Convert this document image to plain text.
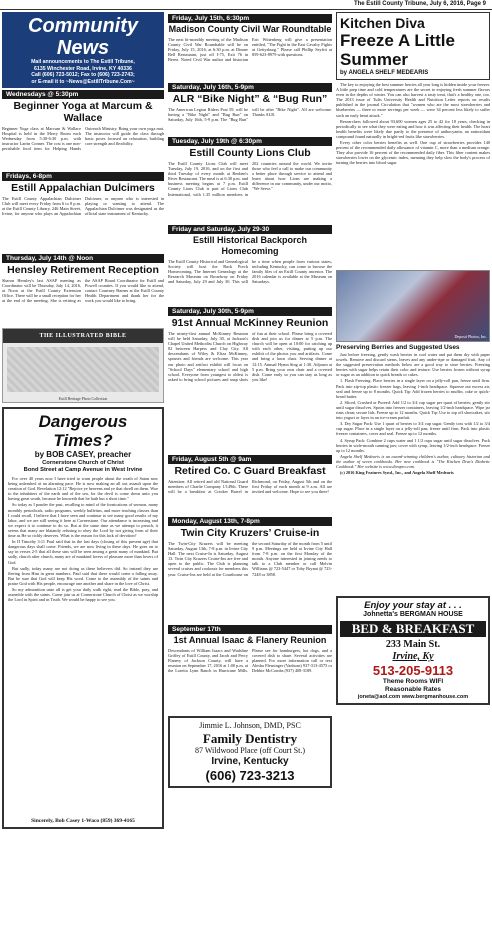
The Estill County Tribune, July 6, 2016, Page 9
Community News
Mail announcements to The Estill Tribune,
6135 Winchester Road, Irvine, KY 40336
Call (606) 723-5012; Fax to (606) 723-2743;
or E-mail it to ~News@EstillTribune.Com~
Wednesdays @ 5:30pm
Beginner Yoga at Marcum & Wallace
Beginner Yoga class at Marcum & Wallace Hospital is held in the Merry Room each Wednesday from 5:30-6:30 p.m. with instructor Larrin Conner. The cost is one non-perishable food item for Helping Hands Outreach Ministry. Bring your own yoga mat. The instructor will guide the class through basic poses focused on relaxation, building core strength and flexibility.
Fridays, 6-8pm
Estill Appalachian Dulcimers
The Estill County Appalachian Dulcimer Club will meet every Friday from 6 to 8 p.m. at the Estill County Library, 246 Main Street, Irvine, for anyone who plays an Appalachian Dulcimer, or anyone who is interested in playing or wanting to attend. The Appalachian Dulcimer was designated as the official state instrument of Kentucky.
Thursday, July 14th @ Noon
Hensley Retirement Reception
Sharon Hensley's last ASAP meeting as Coordinator will be Thursday, July 14, 2016, at Noon at the Estill County Extension Office. There will be a small reception for her at the end of the meeting. She is retiring as the ASAP Board Coordinator for Estill and Powell counties. If you would like to attend, contact Courtney Barnes at the Estill County Health Department and thank her for the work you would like to bring.
THE ILLUSTRATED BIBLE
Estill Heritage Photo Collection
Dangerous Times?
by BOB CASEY, preacher
Cornerstone Church of Christ
Bond Street at Camp Avenue in West Irvine

For over 40 years now I have tried to warn people about the wrath of Satan now being unleashed at an alarming pace. He is now making an all out assault upon the creation of God. Revelation 12:12 "Rejoice ye heavens and ye that dwell on them. Woe to the inhabiters of the earth and of the sea, for the devil is come down unto you having great wrath, because he knoweth that he hath but a short time."

So today as I ponder the past, recalling to mind of the fornications of sermon, many monthly periodicals, radio programs, weekly bulletins, and more teaching classes than I could recall, I believe that I have seen and continue to see many good results of my labor, and we are still seeing it here at Cornerstone. Our attendance is increasing and we expect it to continue to do so. But at the same time as we attempt to preach, it seems that many are blatantly refusing to obey the Lord by not giving from of their time as He so richly deserves. What is the reason for this lack of devotion?

In II Timothy 3:11 Paul said that in the last days (closing of this present age) that dangerous days shall come. Friends, we are now living in these days. He goes on to say in verses 2-5 that all these sins will be seen among a great many of mankind. But sadly, church after church, many are of mankind lovers of pleasure more than lovers of God.

But sadly, today many are not doing as these believers did. So instead they are fleeing from Him in great numbers. Paul said that there would come a falling away. But be sure that God will keep His word. Come to the assembly of the saints and praise God with His people, encourage one another and share in the love of Christ.

So my admonition unto all is get your daily walk right, read the Bible, pray, and assemble with the saints. Come join us at Cornerstone Church of Christ as we worship the Lord in Spirit and in Truth. We would be happy to see you.

Sincerely, Bob Casey 1-Waco (859) 369-4165
Friday, July 15th, 6:30pm
Madison County Civil War Roundtable
The next bi-monthly meeting of the Madison County Civil War Roundtable will be on Friday, July 15, 2016, at 6:30 p.m. at Dinner Bell Restaurant, just off I-75, Exit 76 in Berea. Noted Civil War author and historian Eric Wittenberg will give a presentation entitled, "The Fight in the East Cavalry Fights at Gettysburg." Please call Phillip Seyfrit at 859-623-8979 with questions.
Saturday, July 16th, 5-9pm
ALR “Bike Night” & “Bug Run”
The American Legion Riders Post 59, will be having a "Bike Night" and "Bug Run" on Saturday, July 16th, 5-9 p.m. The "Bug Run" will be after "Bike Night". All are welcome. Thanks ALR.
Tuesday, July 19th @ 6:30pm
Estill County Lions Club
The Estill County Lions Club will meet Tuesday, July 19, 2016, and on the first and third Tuesday of every month at Reuben's River Restaurant. The meal is at 6:30 p.m. and business meeting begins at 7 p.m. Estill County Lions Club is part of Lions Club International, with 1.35 million members in 202 countries around the world. We invite those who feel a call to make our community a better place through service to attend and learn about how Lions are making a difference in our community, under our motto, "We Serve."
Friday and Saturday, July 29-30
Estill Historical Backporch Homecoming
The Estill County Historical and Genealogical Society will host the Back Porch Homecoming. The Internet Genealogy at the Research Museum on Broadway on Friday and Saturday, July 29 and July 30. This will be a time when people from various states, including Kentucky, can come to browse the family files of an Estill County ancestor. The 2016 calendar is available at the Museum on Saturdays.
Saturday, July 30th, 5-9pm
91st Annual McKinney Reunion
The ninety-first annual McKinney Reunion will be held Saturday, July 30, at Jackson's Chapel United Methodist Church on Highway 82 between Harpers and Clay City. All descendants of Wiley & Eliza McKinney, spouses and friends are welcome. This year our photo and artifact exhibit will focus on "School Days" elementary school and high school. Everyone from youngest to oldest is asked to bring school pictures and snap shots of fun at their school. Please bring a covered dish and join us for dinner at 5 p.m. The church will be open at 10:00 for catching up with each other, visiting, putting up our exhibit of the photos you and artifacts. Come and bring a lawn chair. Serving dinner at 12:15. Annual Hymn Sing at 1:30. Adjourn at 5 p.m. Bring your own chair and a covered dish. Come early so you can stay as long as you like!
Friday, August 5th @ 9am
Retired Co. C Guard Breakfast
Attention: All retired and old National Guard members of Charlie Company 1/149th. There will be a breakfast at Cracker Barrel in Richmond, on Friday, August 5th and on the first Friday of each month at 9 a.m. All are invited and welcome. Hope to see you there!
Monday, August 13th, 7-8pm
Twin City Kruzers’ Cruise-in
The Twin-City Kruzers will be meeting Saturday, August 13th, 7-8 p.m. in Irvine City Hall. The next Cruise-In is Saturday, August 13. Twin City Kruzers Cruise-Ins are free and open to the public. The Club is planning several cruises and cookouts for members this year. Cruise-Ins are held at the Courthouse on the second Saturday of the month from 5 until 9 p.m. Meetings are held at Irvine City Hall from 7-8 p.m. on the first Monday of the month. Anyone interested in joining needs to talk to a Club member or call Melvin Williams @ 723-5447 or Toby Bryant @ 723-7248 or 3858.
September 17th
1st Annual Isaac & Flanery Reunion
Descendants of William Isaacs and Wadsline Griffey of Estill County, and Jacob and Percy Flanery of Jackson County, will have a reunion on September 17, 2016 at 1:00 p.m. at the Loretta Lynn Ranch in Hurricane Mills. Please see for hamburgers, hot dogs, and a covered dish to share. Several activities are planned. For more information call or text Alesha Flesninger (Vanborn) 937-313-4575 or Debbie McCombs (937) 408-3189.
Jimmie L. Johnson, DMD, PSC
Family Dentistry
87 Wildwood Place (off Court St.)
Irvine, Kentucky
(606) 723-3213
Kitchen Diva
Freeze A Little Summer
by ANGELA SHELF MEDEARIS

The key to enjoying the best summer berries all year long is hidden inside your freezer. A little prep time and cold temperatures are the secret to enjoying fresh summer flavors even in the depths of winter. You can also harvest a tasty treat, that's a healthy one, too. The 2013 issue of Tufts University Health and Nutrition Letter reports on results published in the journal Circulation that "women who ate the most strawberries and blueberries — three or more servings per week — were 34 percent less likely to suffer such an early heart attack."

Researchers followed about 93,600 women ages 25 to 42 for 18 years, checking in periodically to see what they were eating and how it was affecting their health. The heart health benefits were likely due partly to the presence of anthocyanin, an antioxidant compound found naturally in bright-red fruits like strawberries.

Every other color berries benefits as well. One cup of strawberries provides 140 percent of the recommended daily allowance of vitamin C, more than a medium orange. They also provide 16 percent of the recommended daily fiber. This fiber content makes strawberries lower on the glycemic index, meaning they help slow the body's process of turning the berries into blood sugar.

Deposit Photos, Inc.
Preserving Berries and Suggested Uses

Just before freezing, gently wash berries in cool water and pat them dry with paper towels. Remove and discard stems, leaves and any under-ripe or damaged fruit. Any of the suggested preservation methods below are a good way to store berries. Freezing berries with sugar helps retain their color and texture. Use berries frozen without syrup or sugar as an addition to quick breads or cakes.

1. Flash Freezing: Place berries in a single layer on a jelly-roll pan, freeze until firm. Pack into zip-top plastic freezer bags, leaving 1-inch headspace. Squeeze out excess air, seal and freeze up to 8 months. Quick Tip: Add frozen berries to muffin, cake or quick-bread batter.

2. Sliced, Crushed or Pureed: Add 1/2 to 3/4 cup sugar per quart of berries; gently stir until sugar dissolves. Spoon into freezer containers, leaving 1/2-inch headspace. Wipe jar rims clean; secure lids. Freeze up to 12 months. Quick Tip: Use to top off shortcakes, stir into yogurt or layer in an ice-cream parfait.

3. Dry Sugar Pack: Use 1 quart of berries to 3/4 cup sugar. Gently toss with 1/2 to 3/4 cup sugar. Place in a single layer on a jelly-roll pan; freeze until firm. Pack into plastic freezer containers, cover and seal. Freeze up to 12 months.

4. Syrup Pack: Combine 2 cups water and 1 1/2 cups sugar until sugar dissolves. Pack berries in wide-mouth canning jars; cover with syrup, leaving 1/2-inch headspace. Freeze up to 12 months.

Angela Shelf Medearis is an award-winning children's author, culinary historian and the author of seven cookbooks. Her new cookbook is "The Kitchen Diva's Diabetic Cookbook." Her website is www.divapro.com.

(c) 2016 King Features Synd., Inc., and Angela Shelf Medearis

Enjoy your stay at . . .
Johnetta's BERGMAN HOUSE
BED & BREAKFAST
233 Main St.
Irvine, Ky
513-205-9113
Theme Rooms WIFI
Reasonable Rates
joneta@aol.com www.bergmanhouse.com
